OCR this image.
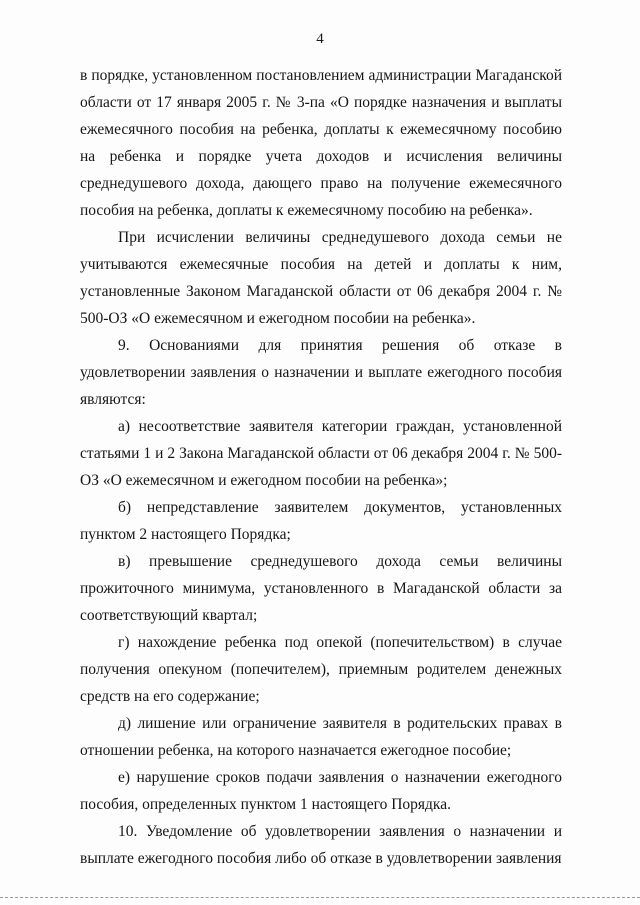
4

в порядке, установленном постановлением администрации Магаданской области от 17 января 2005 г. № 3-па «О порядке назначения и выплаты ежемесячного пособия на ребенка, доплаты к ежемесячному пособию на ребенка и порядке учета доходов и исчисления величины среднедушевого дохода, дающего право на получение ежемесячного пособия на ребенка, доплаты к ежемесячному пособию на ребенка».

При исчислении величины среднедушевого дохода семьи не учитываются ежемесячные пособия на детей и доплаты к ним, установленные Законом Магаданской области от 06 декабря 2004 г. № 500-ОЗ «О ежемесячном и ежегодном пособии на ребенка».

9. Основаниями для принятия решения об отказе в удовлетворении заявления о назначении и выплате ежегодного пособия являются:

а) несоответствие заявителя категории граждан, установленной статьями 1 и 2 Закона Магаданской области от 06 декабря 2004 г. № 500-ОЗ «О ежемесячном и ежегодном пособии на ребенка»;

б) непредставление заявителем документов, установленных пунктом 2 настоящего Порядка;

в) превышение среднедушевого дохода семьи величины прожиточного минимума, установленного в Магаданской области за соответствующий квартал;

г) нахождение ребенка под опекой (попечительством) в случае получения опекуном (попечителем), приемным родителем денежных средств на его содержание;

д) лишение или ограничение заявителя в родительских правах в отношении ребенка, на которого назначается ежегодное пособие;

е) нарушение сроков подачи заявления о назначении ежегодного пособия, определенных пунктом 1 настоящего Порядка.

10. Уведомление об удовлетворении заявления о назначении и выплате ежегодного пособия либо об отказе в удовлетворении заявления
